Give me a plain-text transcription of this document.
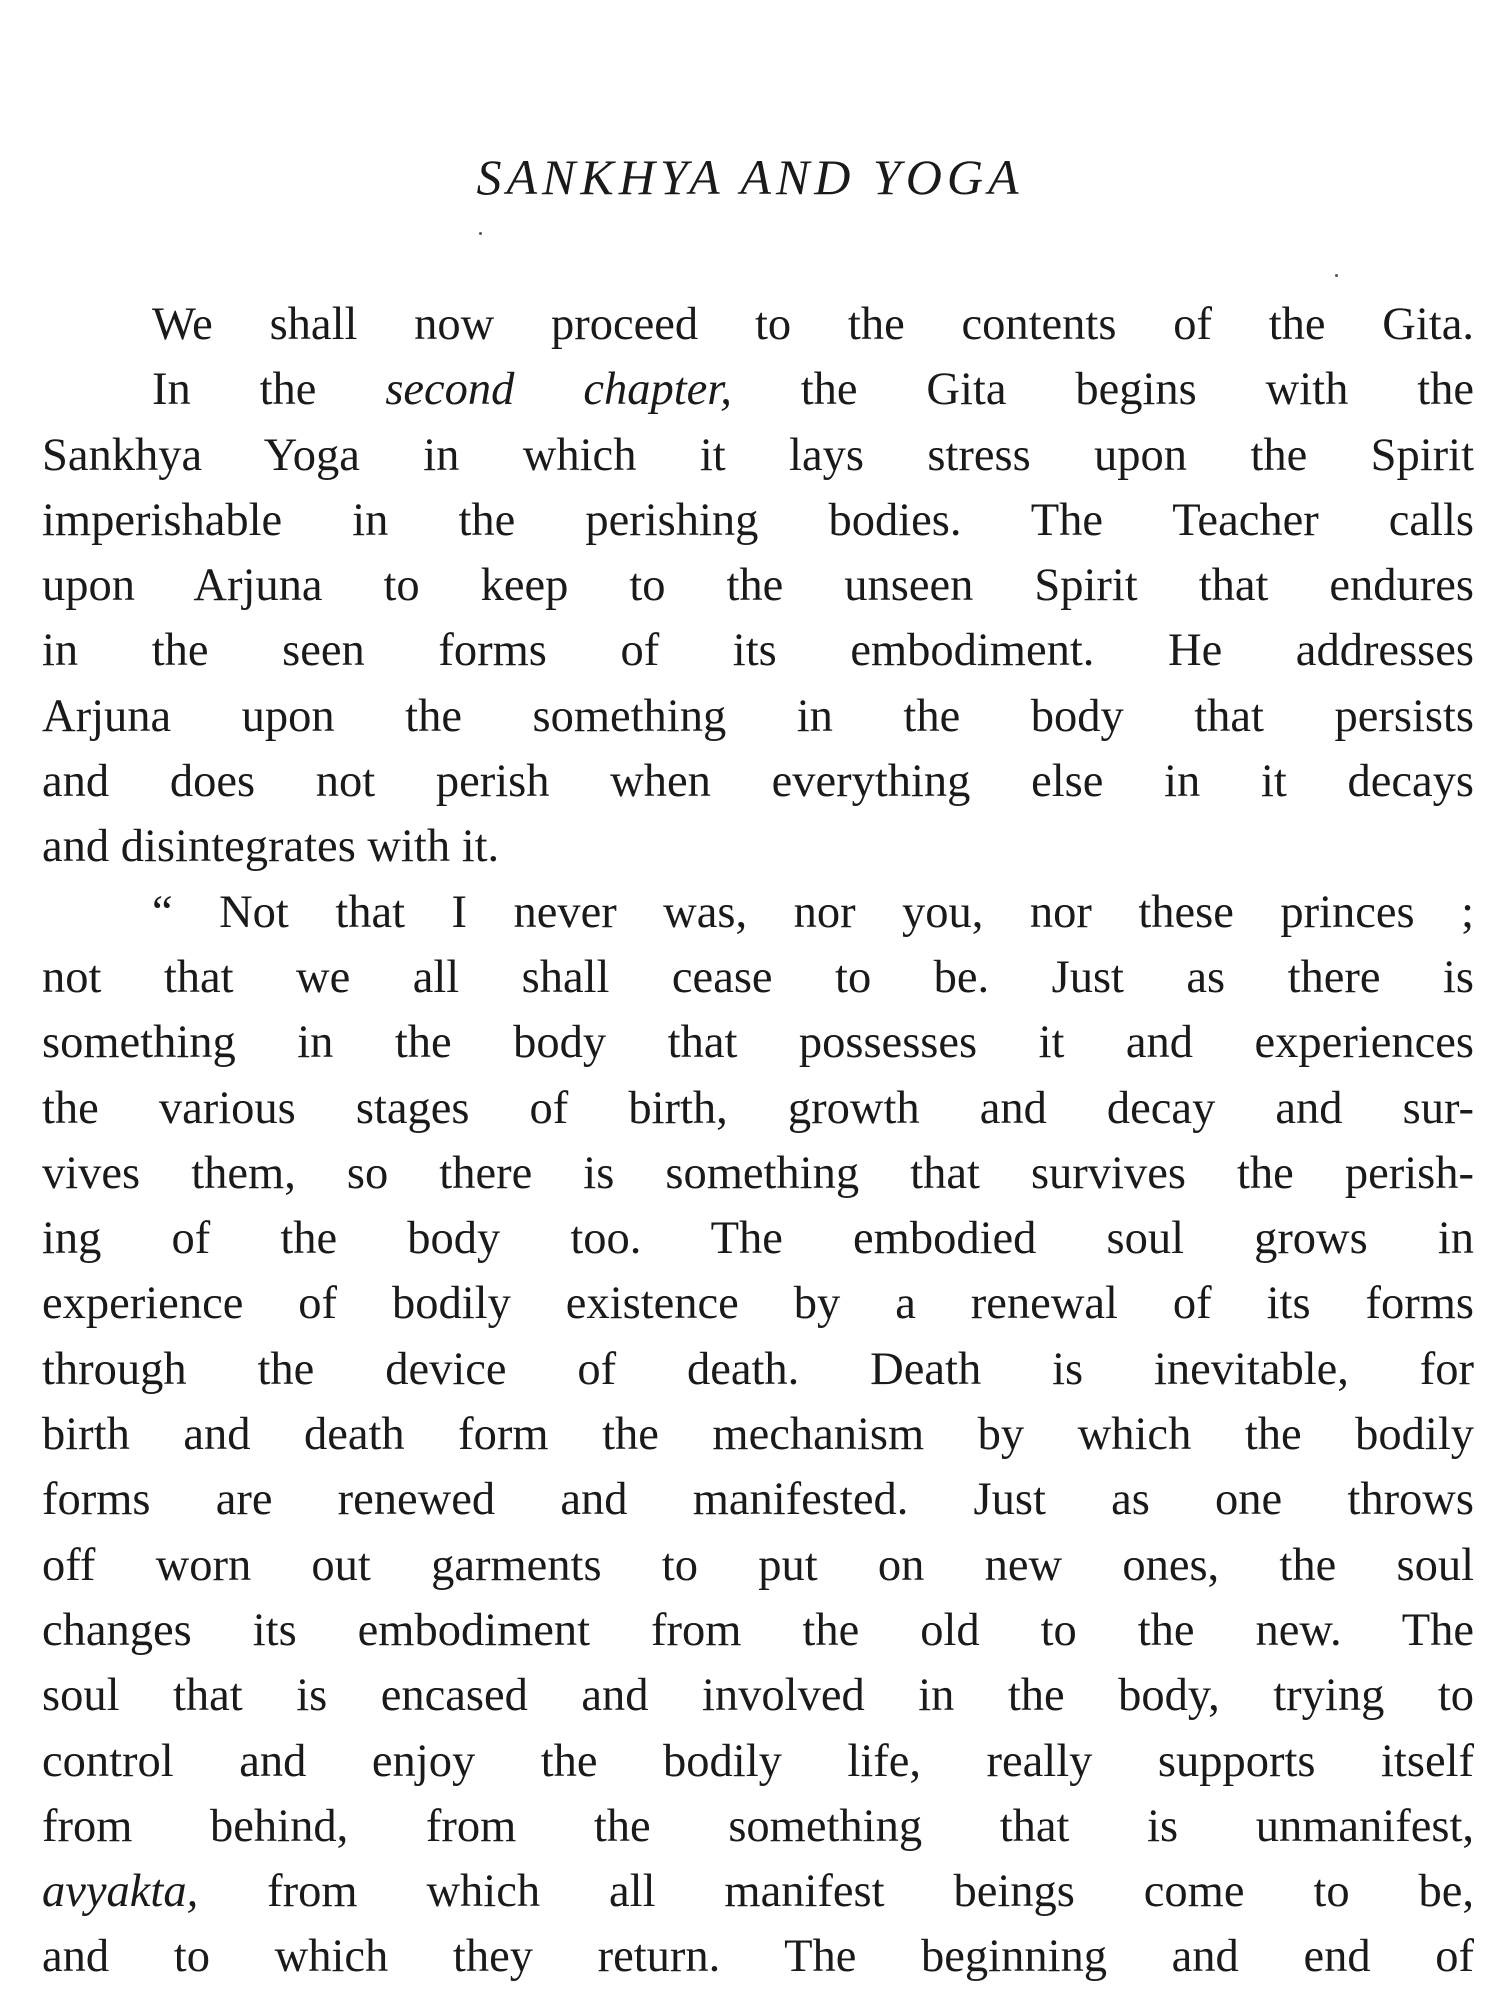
SANKHYA AND YOGA
We shall now proceed to the contents of the Gita.
In the second chapter, the Gita begins with the
Sankhya Yoga in which it lays stress upon the Spirit
imperishable in the perishing bodies. The Teacher calls
upon Arjuna to keep to the unseen Spirit that endures
in the seen forms of its embodiment. He addresses
Arjuna upon the something in the body that persists
and does not perish when everything else in it decays
and disintegrates with it.
“ Not that I never was, nor you, nor these princes ;
not that we all shall cease to be. Just as there is
something in the body that possesses it and experiences
the various stages of birth, growth and decay and sur-
vives them, so there is something that survives the perish-
ing of the body too. The embodied soul grows in
experience of bodily existence by a renewal of its forms
through the device of death. Death is inevitable, for
birth and death form the mechanism by which the bodily
forms are renewed and manifested. Just as one throws
off worn out garments to put on new ones, the soul
changes its embodiment from the old to the new. The
soul that is encased and involved in the body, trying to
control and enjoy the bodily life, really supports itself
from behind, from the something that is unmanifest,
avyakta, from which all manifest beings come to be,
and to which they return. The beginning and end of
